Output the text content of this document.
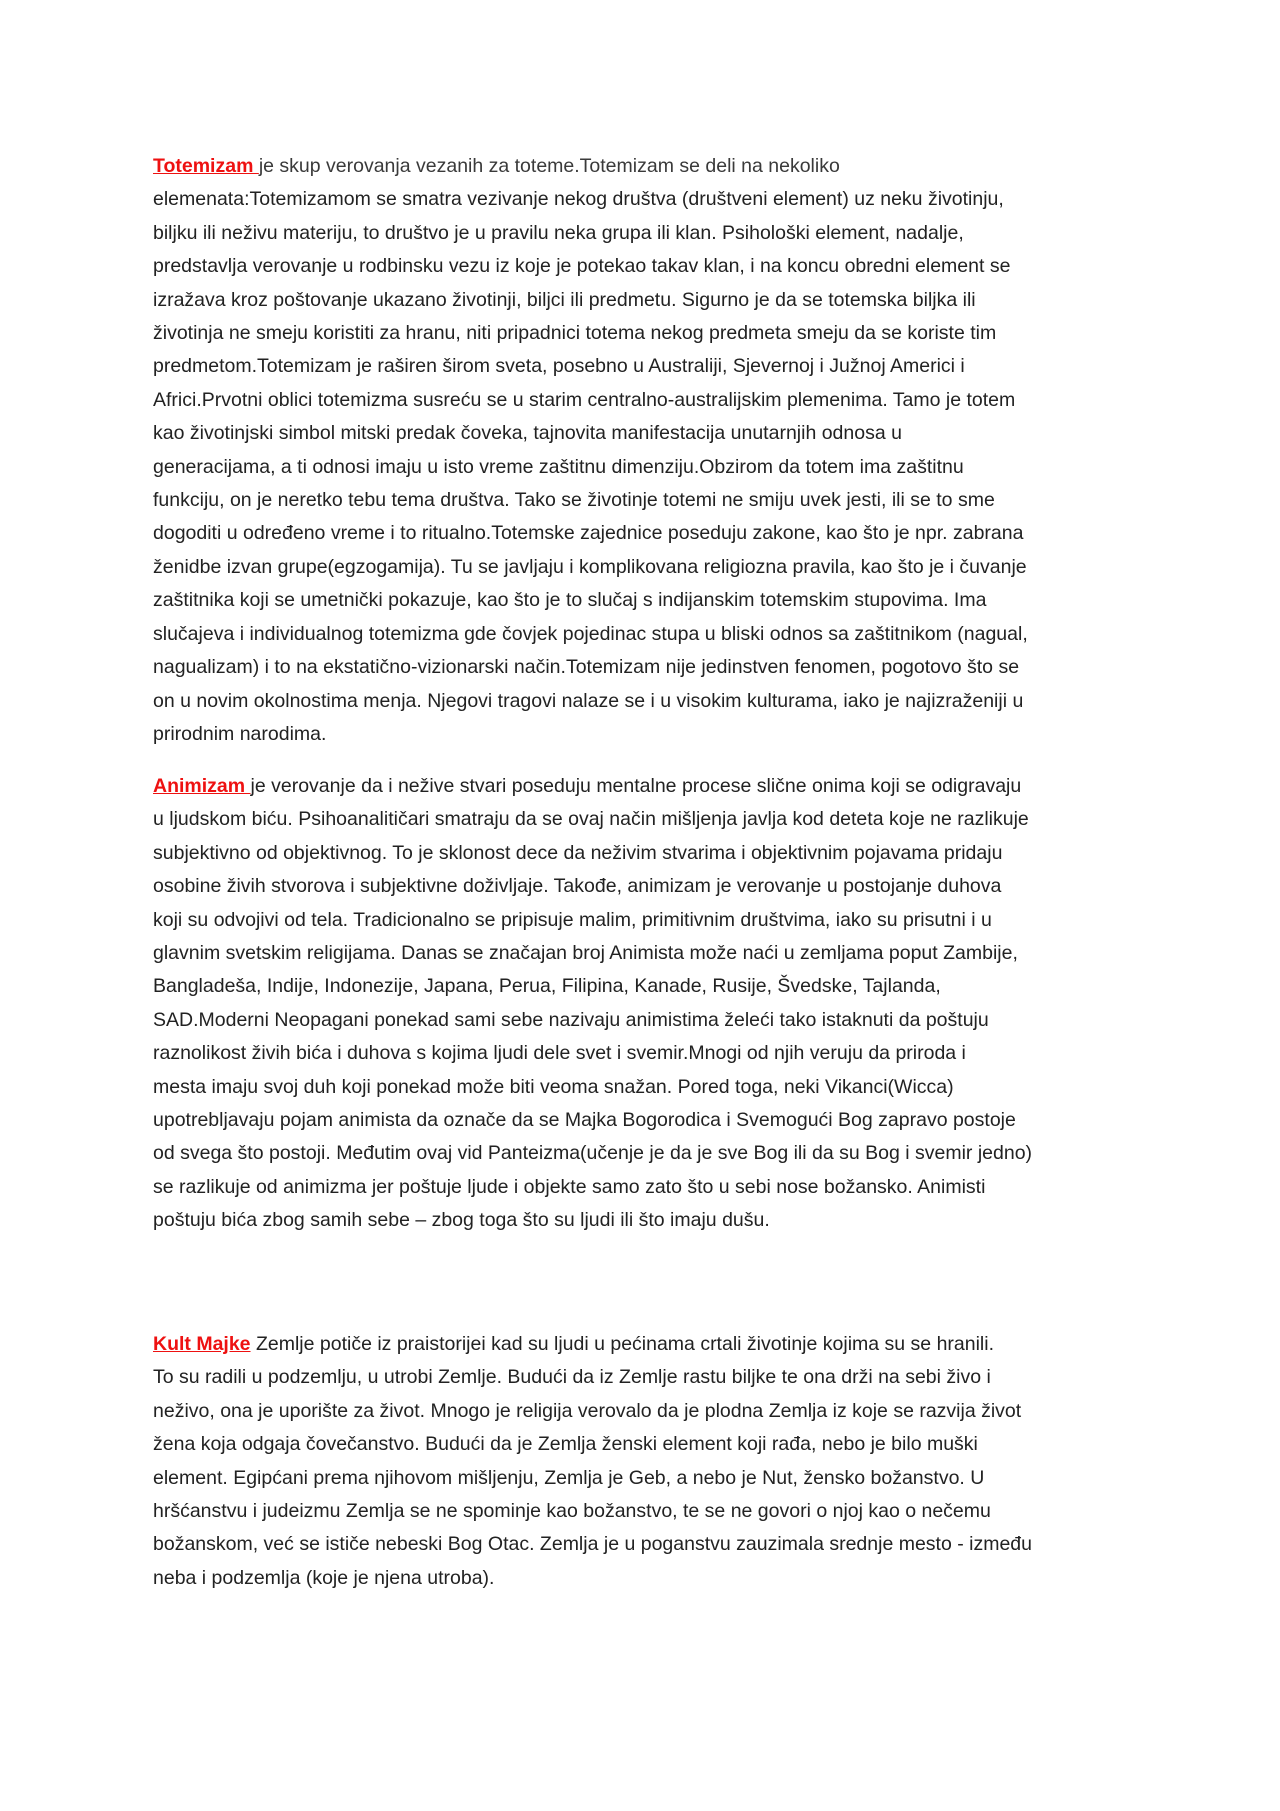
Totemizam je skup verovanja vezanih za toteme.Totemizam se deli na nekoliko
elemenata:Totemizamom se smatra vezivanje nekog društva (društveni element) uz neku životinju,
biljku ili neživu materiju, to društvo je u pravilu neka grupa ili klan. Psihološki element, nadalje,
predstavlja verovanje u rodbinsku vezu iz koje je potekao takav klan, i na koncu obredni element se
izražava kroz poštovanje ukazano životinji, biljci ili predmetu. Sigurno je da se totemska biljka ili
životinja ne smeju koristiti za hranu, niti pripadnici totema nekog predmeta smeju da se koriste tim
predmetom.Totemizam je raširen širom sveta, posebno u Australiji, Sjevernoj i Južnoj Americi i
Africi.Prvotni oblici totemizma susreću se u starim centralno-australijskim plemenima. Tamo je totem
kao životinjski simbol mitski predak čoveka, tajnovita manifestacija unutarnjih odnosa u
generacijama, a ti odnosi imaju u isto vreme zaštitnu dimenziju.Obzirom da totem ima zaštitnu
funkciju, on je neretko tebu tema društva. Tako se životinje totemi ne smiju uvek jesti, ili se to sme
dogoditi u određeno vreme i to ritualno.Totemske zajednice poseduju zakone, kao što je npr. zabrana
ženidbe izvan grupe(egzogamija). Tu se javljaju i komplikovana religiozna pravila, kao što je i čuvanje
zaštitnika koji se umetnički pokazuje, kao što je to slučaj s indijanskim totemskim stupovima. Ima
slučajeva i individualnog totemizma gde čovjek pojedinac stupa u bliski odnos sa zaštitnikom (nagual,
nagualizam) i to na ekstatično-vizionarski način.Totemizam nije jedinstven fenomen, pogotovo što se
on u novim okolnostima menja. Njegovi tragovi nalaze se i u visokim kulturama, iako je najizraženiji u
prirodnim narodima.

Animizam je verovanje da i nežive stvari poseduju mentalne procese slične onima koji se odigravaju
u ljudskom biću. Psihoanalitičari smatraju da se ovaj način mišljenja javlja kod deteta koje ne razlikuje
subjektivno od objektivnog. To je sklonost dece da neživim stvarima i objektivnim pojavama pridaju
osobine živih stvorova i subjektivne doživljaje. Takođe, animizam je verovanje u postojanje duhova
koji su odvojivi od tela. Tradicionalno se pripisuje malim, primitivnim društvima, iako su prisutni i u
glavnim svetskim religijama. Danas se značajan broj Animista može naći u zemljama poput Zambije,
Bangladeša, Indije, Indonezije, Japana, Perua, Filipina, Kanade, Rusije, Švedske, Tajlanda,
SAD.Moderni Neopagani ponekad sami sebe nazivaju animistima želeći tako istaknuti da poštuju
raznolikost živih bića i duhova s kojima ljudi dele svet i svemir.Mnogi od njih veruju da priroda i
mesta imaju svoj duh koji ponekad može biti veoma snažan. Pored toga, neki Vikanci(Wicca)
upotrebljavaju pojam animista da označe da se Majka Bogorodica i Svemogući Bog zapravo postoje
od svega što postoji. Međutim ovaj vid Panteizma(učenje je da je sve Bog ili da su Bog i svemir jedno)
se razlikuje od animizma jer poštuje ljude i objekte samo zato što u sebi nose božansko. Animisti
poštuju bića zbog samih sebe – zbog toga što su ljudi ili što imaju dušu.

Kult Majke Zemlje potiče iz praistorijei kad su ljudi u pećinama crtali životinje kojima su se hranili.
To su radili u podzemlju, u utrobi Zemlje. Budući da iz Zemlje rastu biljke te ona drži na sebi živo i
neživo, ona je uporište za život. Mnogo je religija verovalo da je plodna Zemlja iz koje se razvija život
žena koja odgaja čovečanstvo. Budući da je Zemlja ženski element koji rađa, nebo je bilo muški
element. Egipćani prema njihovom mišljenju, Zemlja je Geb, a nebo je Nut, žensko božanstvo. U
hršćanstvu i judeizmu Zemlja se ne spominje kao božanstvo, te se ne govori o njoj kao o nečemu
božanskom, već se ističe nebeski Bog Otac. Zemlja je u poganstvu zauzimala srednje mesto - između
neba i podzemlja (koje je njena utroba).
